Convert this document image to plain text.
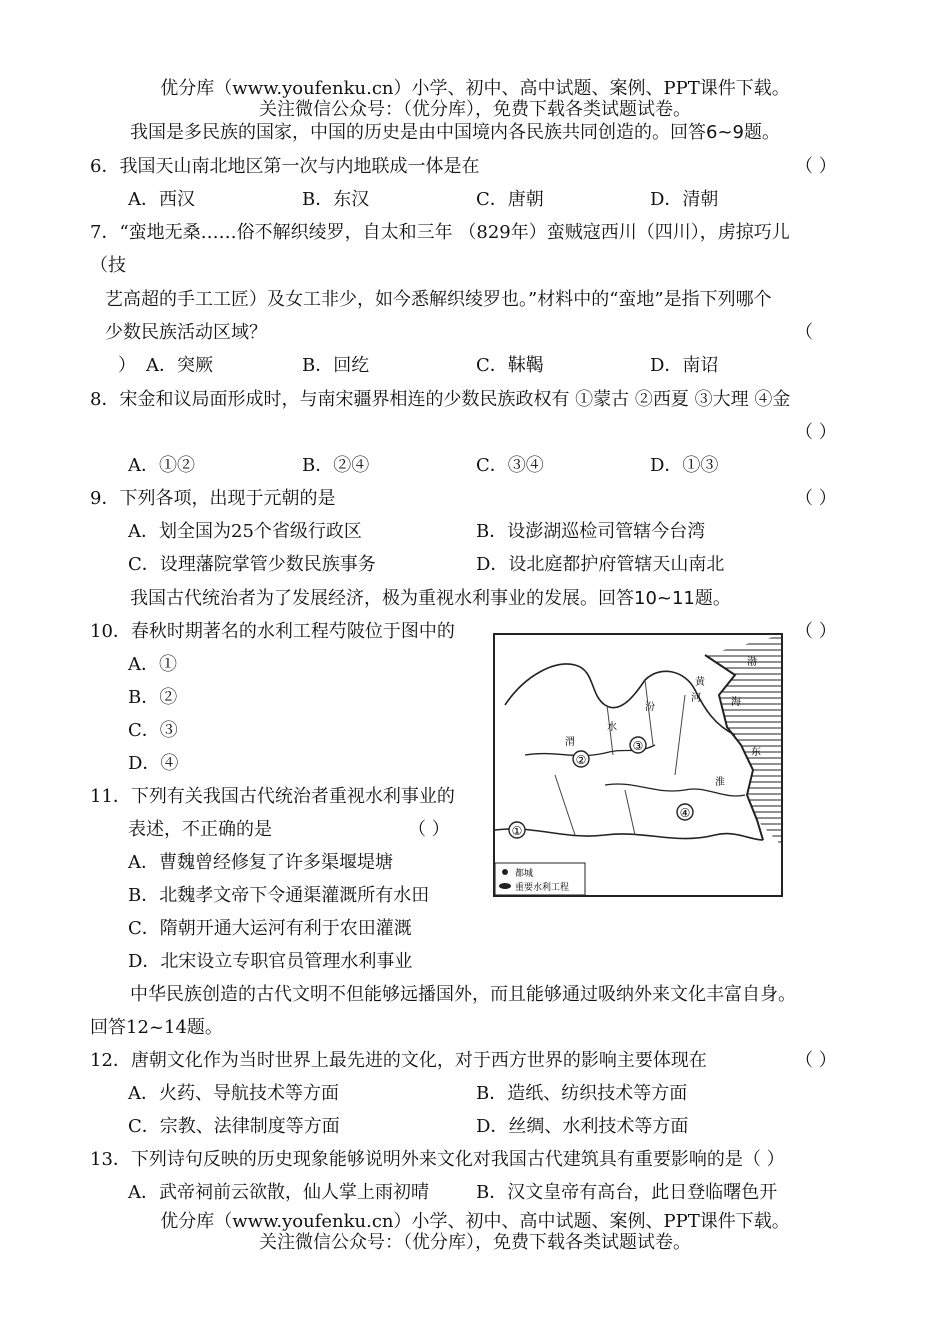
优分库（www.youfenku.cn）小学、初中、高中试题、案例、PPT课件下载。
关注微信公众号：（优分库），免费下载各类试题试卷。
我国是多民族的国家，中国的历史是由中国境内各民族共同创造的。回答6~9题。
6．我国天山南北地区第一次与内地联成一体是在	（ ）
A．西汉	B．东汉	C．唐朝	D．清朝
7．“蛮地无桑……俗不解织绫罗，自太和三年 （829年）蛮贼寇西川（四川），虏掠巧儿
（技
艺高超的手工工匠）及女工非少，如今悉解织绫罗也。”材料中的“蛮地”是指下列哪个
少数民族活动区域？	（
） A．突厥	B．回纥	C．靺鞨	D．南诏
8．宋金和议局面形成时，与南宋疆界相连的少数民族政权有 ①蒙古 ②西夏 ③大理 ④金
（ ）
A．①②	B．②④	C．③④	D．①③
9．下列各项，出现于元朝的是	（ ）
A．划全国为25个省级行政区	B．设澎湖巡检司管辖今台湾
C．设理藩院掌管少数民族事务	D．设北庭都护府管辖天山南北
我国古代统治者为了发展经济，极为重视水利事业的发展。回答10~11题。
10．春秋时期著名的水利工程芍陂位于图中的	（ ）
A．①
B．②
C．③
D．④
11．下列有关我国古代统治者重视水利事业的
表述，不正确的是	（ ）
A．曹魏曾经修复了许多渠堰堤塘
B．北魏孝文帝下令通渠灌溉所有水田
C．隋朝开通大运河有利于农田灌溉
D．北宋设立专职官员管理水利事业
③
②
④
①
黄
河
渭
水
汾
淮
海
东
渤
都城
重要水利工程
中华民族创造的古代文明不但能够远播国外，而且能够通过吸纳外来文化丰富自身。
回答12~14题。
12．唐朝文化作为当时世界上最先进的文化，对于西方世界的影响主要体现在	（ ）
A．火药、导航技术等方面	B．造纸、纺织技术等方面
C．宗教、法律制度等方面	D．丝绸、水利技术等方面
13．下列诗句反映的历史现象能够说明外来文化对我国古代建筑具有重要影响的是（ ）
A．武帝祠前云欲散，仙人掌上雨初晴	B．汉文皇帝有高台，此日登临曙色开
优分库（www.youfenku.cn）小学、初中、高中试题、案例、PPT课件下载。
关注微信公众号：（优分库），免费下载各类试题试卷。
